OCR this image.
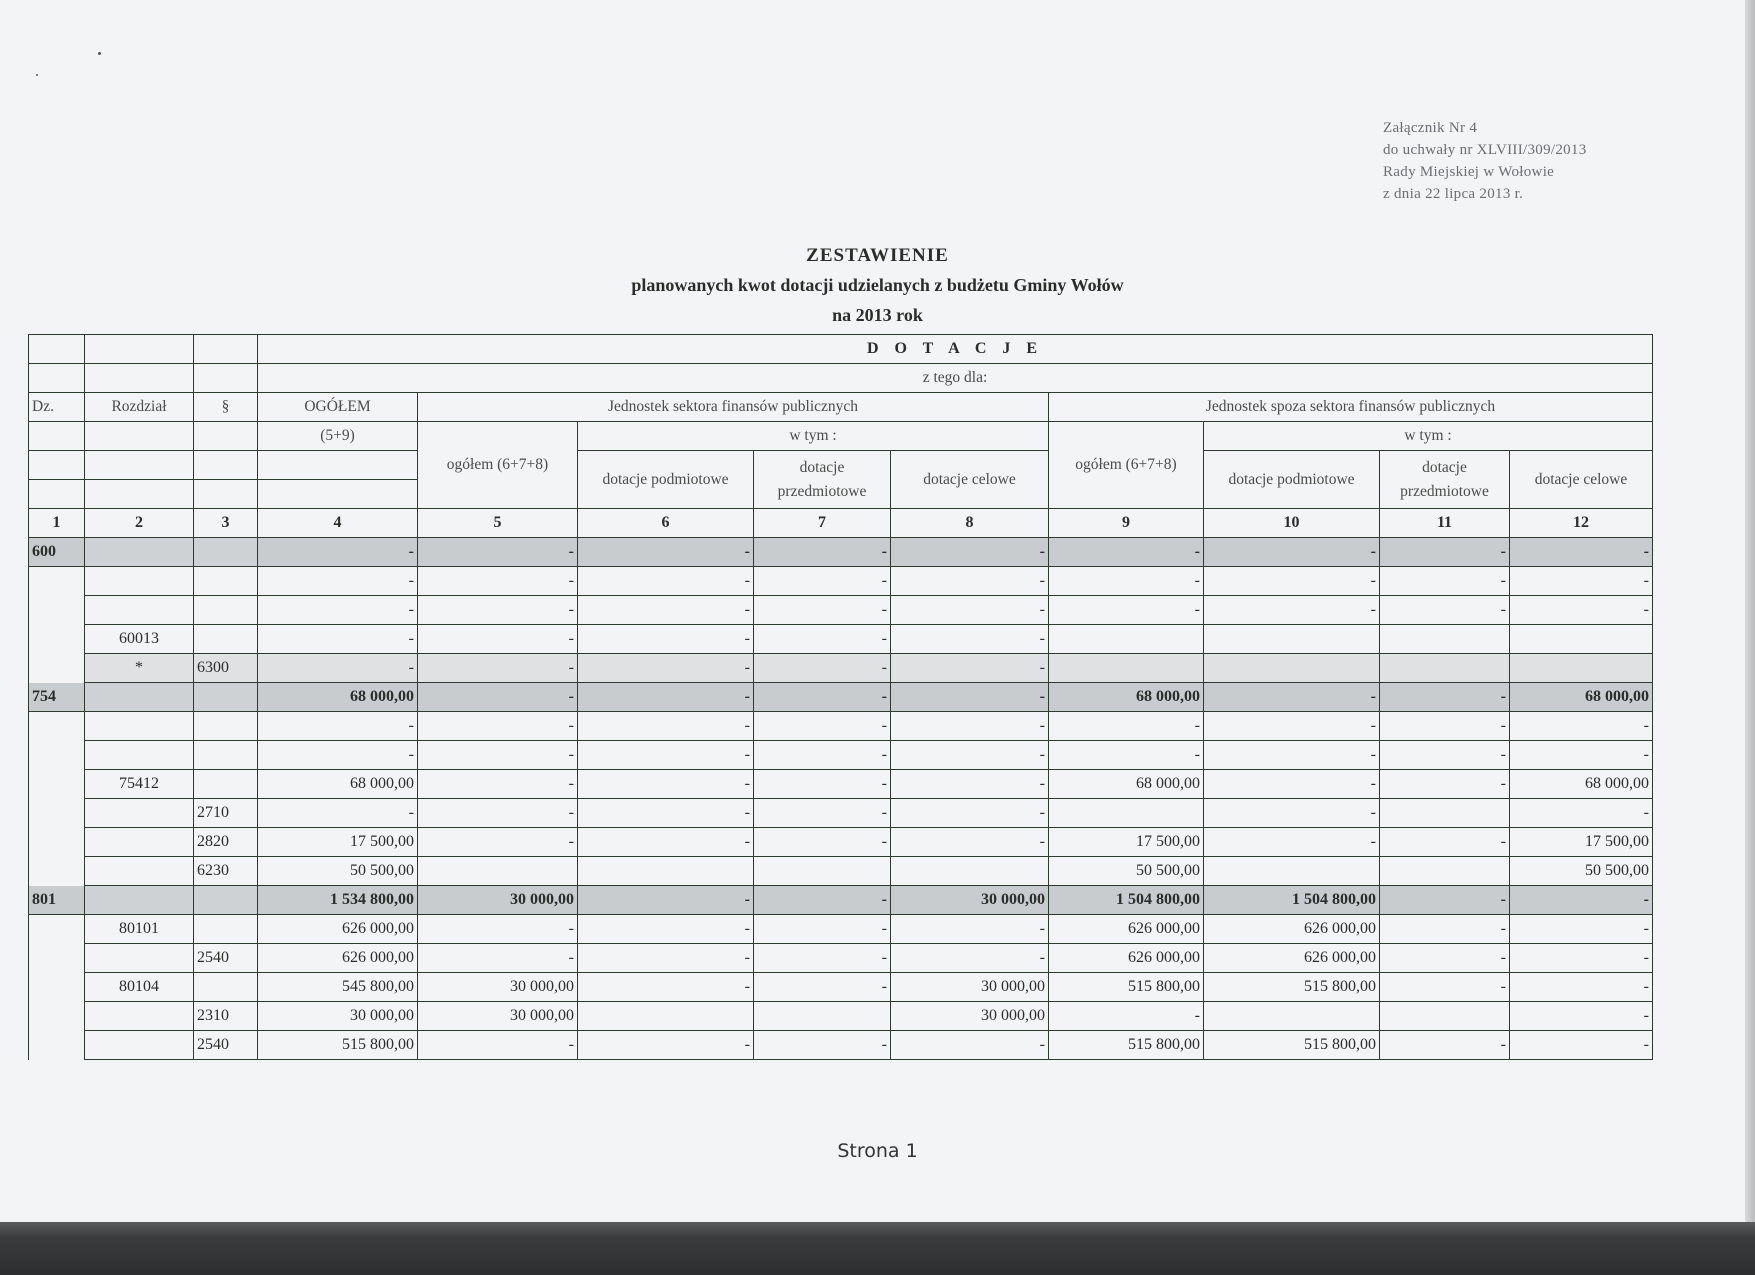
Załącznik Nr 4
do uchwały nr XLVIII/309/2013
Rady Miejskiej w Wołowie
z dnia 22 lipca 2013 r.
ZESTAWIENIE
planowanych kwot dotacji udzielanych z budżetu Gminy Wołów
na 2013 rok
			D O T A C J E								
			z tego dla:								
Dz.	Rozdział	§	OGÓŁEM	Jednostek sektora finansów publicznych				Jednostek spoza sektora finansów publicznych			
			(5+9)	ogółem (6+7+8)	w tym :			ogółem (6+7+8)	w tym :		
					dotacje podmiotowe	dotacje
przedmiotowe	dotacje celowe		dotacje podmiotowe	dotacje
przedmiotowe	dotacje celowe

1	2	3	4	5	6	7	8	9	10	11	12
600			-	-	-	-	-	-	-	-	-
			-	-	-	-	-	-	-	-	-
			-	-	-	-	-	-	-	-	-
	60013		-	-	-	-	-				
	*	6300	-	-	-	-	-				
754			68 000,00	-	-	-	-	68 000,00	-	-	68 000,00
			-	-	-	-	-	-	-	-	-
			-	-	-	-	-	-	-	-	-
	75412		68 000,00	-	-	-	-	68 000,00	-	-	68 000,00
		2710	-	-	-	-	-		-		-
		2820	17 500,00	-	-	-	-	17 500,00	-	-	17 500,00
		6230	50 500,00					50 500,00			50 500,00
801			1 534 800,00	30 000,00	-	-	30 000,00	1 504 800,00	1 504 800,00	-	-
	80101		626 000,00	-	-	-	-	626 000,00	626 000,00	-	-
		2540	626 000,00	-	-	-	-	626 000,00	626 000,00	-	-
	80104		545 800,00	30 000,00	-	-	30 000,00	515 800,00	515 800,00	-	-
		2310	30 000,00	30 000,00			30 000,00	-			-
		2540	515 800,00	-	-	-	-	515 800,00	515 800,00	-	-
Strona 1
